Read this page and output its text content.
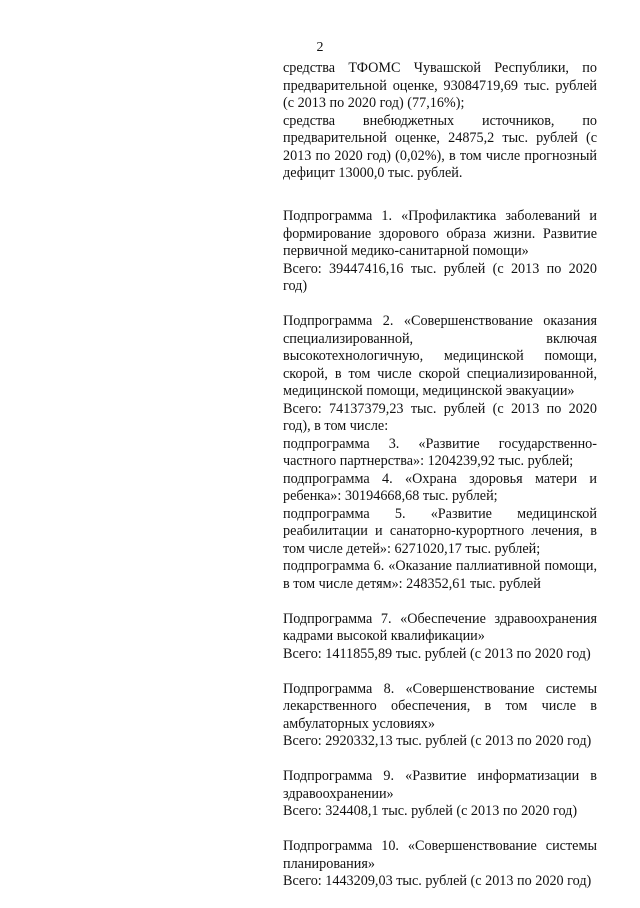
2

средства ТФОМС Чувашской Республики, по предварительной оценке, 93084719,69 тыс. рублей (с 2013 по 2020 год) (77,16%);

средства внебюджетных источников, по предварительной оценке, 24875,2 тыс. рублей (с 2013 по 2020 год) (0,02%), в том числе прогнозный дефицит 13000,0 тыс. рублей.

Подпрограмма 1. «Профилактика заболеваний и формирование здорового образа жизни. Развитие первичной медико-санитарной помощи»

Всего: 39447416,16 тыс. рублей (с 2013 по 2020 год)

Подпрограмма 2. «Совершенствование оказания специализированной, включая высокотехнологичную, медицинской помощи, скорой, в том числе скорой специализированной, медицинской помощи, медицинской эвакуации»

Всего: 74137379,23 тыс. рублей (с 2013 по 2020 год), в том числе:

подпрограмма 3. «Развитие государственно-частного партнерства»: 1204239,92 тыс. рублей;

подпрограмма 4. «Охрана здоровья матери и ребенка»: 30194668,68 тыс. рублей;

подпрограмма 5. «Развитие медицинской реабилитации и санаторно-курортного лечения, в том числе детей»: 6271020,17 тыс. рублей;

подпрограмма 6. «Оказание паллиативной помощи, в том числе детям»: 248352,61 тыс. рублей

Подпрограмма 7. «Обеспечение здравоохранения кадрами высокой квалификации»

Всего: 1411855,89 тыс. рублей (с 2013 по 2020 год)

Подпрограмма 8. «Совершенствование системы лекарственного обеспечения, в том числе в амбулаторных условиях»

Всего: 2920332,13 тыс. рублей (с 2013 по 2020 год)

Подпрограмма 9. «Развитие информатизации в здравоохранении»

Всего: 324408,1 тыс. рублей (с 2013 по 2020 год)

Подпрограмма 10. «Совершенствование системы планирования»

Всего: 1443209,03 тыс. рублей (с 2013 по 2020 год)
